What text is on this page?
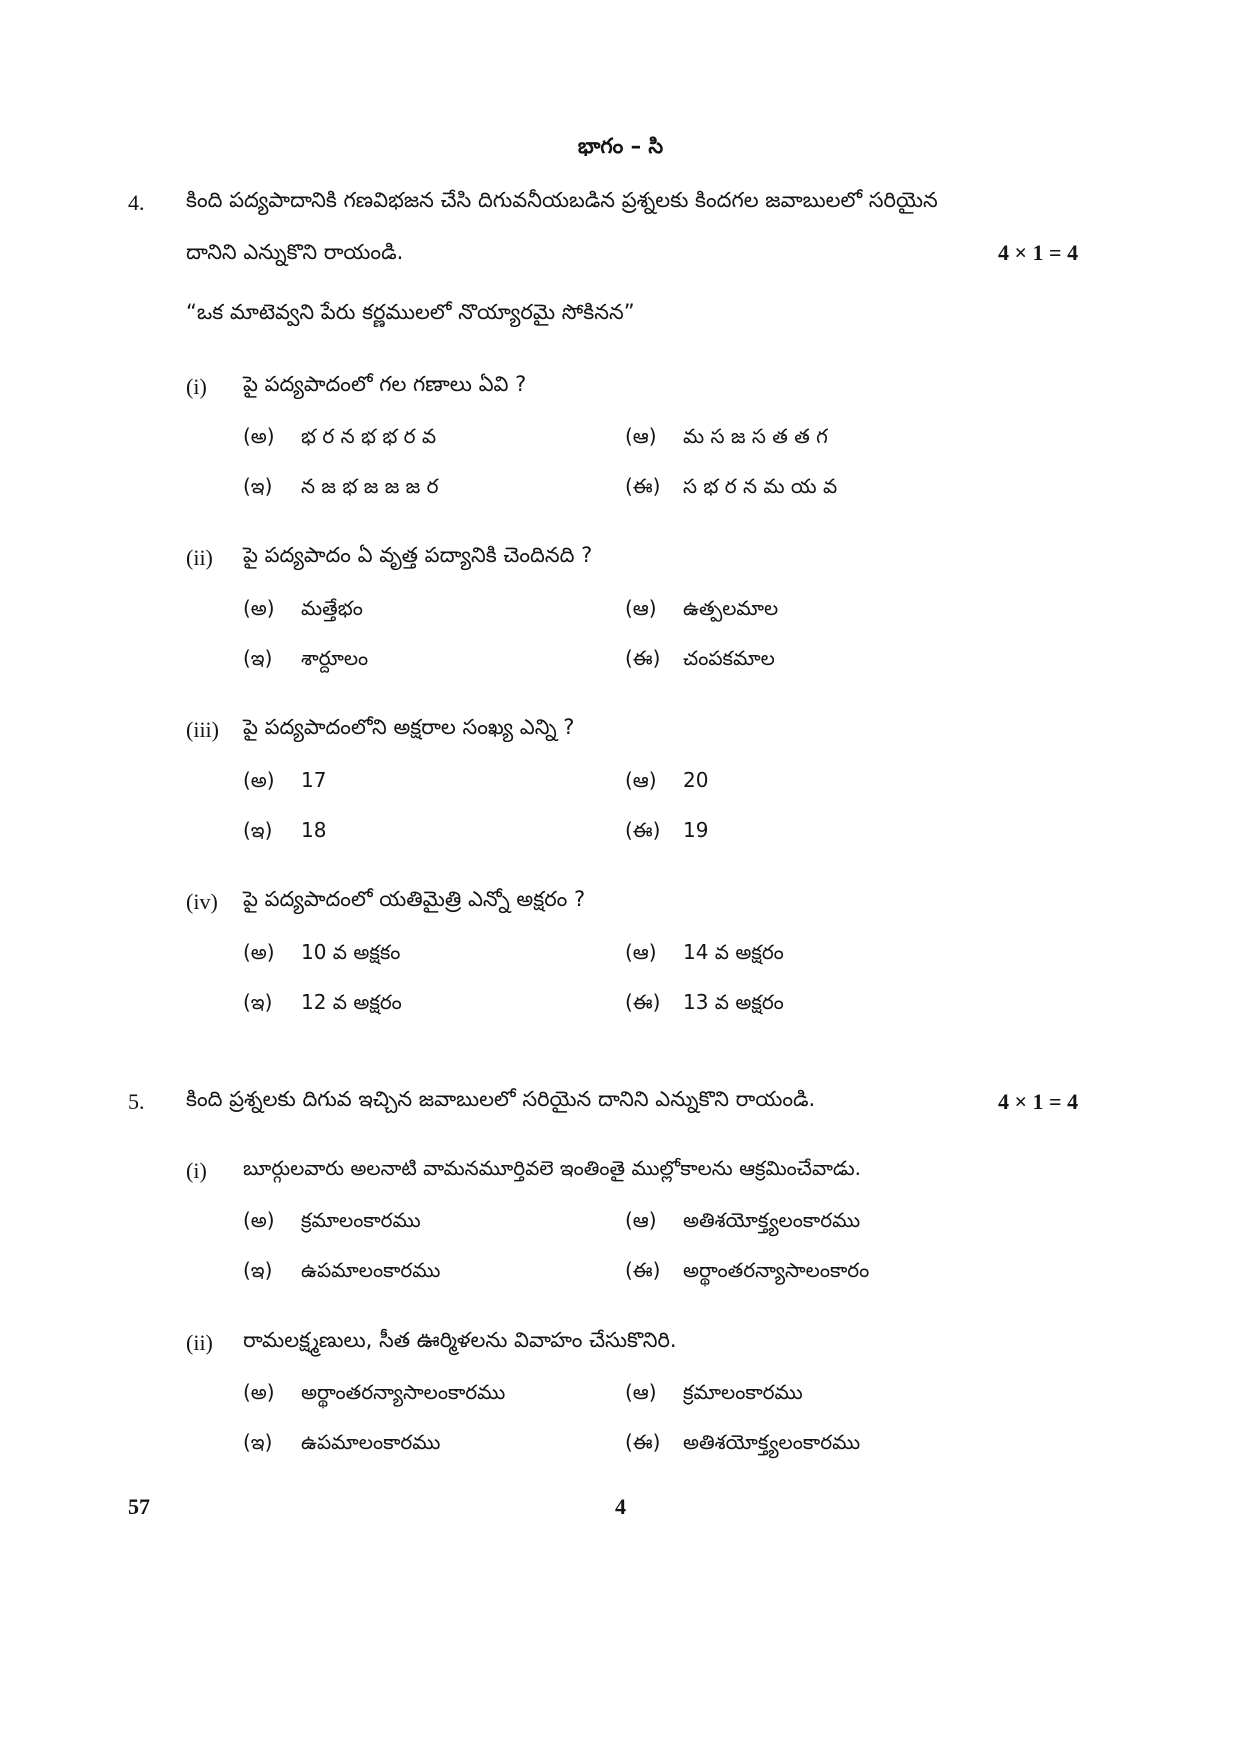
భాగం – సి
4. కింది పద్యపాదానికి గణవిభజన చేసి దిగువనీయబడిన ప్రశ్నలకు కిందగల జవాబులలో సరియైన
దానిని ఎన్నుకొని రాయండి.	4 × 1 = 4
“ఒక మాటెవ్వని పేరు కర్ణములలో నొయ్యారమై సోకినన”
(i) పై పద్యపాదంలో గల గణాలు ఏవి ?
(అ)	భ ర న భ భ ర వ	(ఆ)	మ స జ స త త గ
(ఇ)	న జ భ జ జ జ ర	(ఈ)	స భ ర న మ య వ
(ii) పై పద్యపాదం ఏ వృత్త పద్యానికి చెందినది ?
(అ)	మత్తేభం	(ఆ)	ఉత్పలమాల
(ఇ)	శార్దూలం	(ఈ)	చంపకమాల
(iii) పై పద్యపాదంలోని అక్షరాల సంఖ్య ఎన్ని ?
(అ)	17	(ఆ)	20
(ఇ)	18	(ఈ)	19
(iv) పై పద్యపాదంలో యతిమైత్రి ఎన్నో అక్షరం ?
(అ)	10 వ అక్షకం	(ఆ)	14 వ అక్షరం
(ఇ)	12 వ అక్షరం	(ఈ)	13 వ అక్షరం
5. కింది ప్రశ్నలకు దిగువ ఇచ్చిన జవాబులలో సరియైన దానిని ఎన్నుకొని రాయండి.	4 × 1 = 4
(i) బూర్గులవారు అలనాటి వామనమూర్తివలె ఇంతింతై ముల్లోకాలను ఆక్రమించేవాడు.
(అ)	క్రమాలంకారము	(ఆ)	అతిశయోక్త్యలంకారము
(ఇ)	ఉపమాలంకారము	(ఈ)	అర్థాంతరన్యాసాలంకారం
(ii) రామలక్ష్మణులు, సీత ఊర్మిళలను వివాహం చేసుకొనిరి.
(అ)	అర్థాంతరన్యాసాలంకారము	(ఆ)	క్రమాలంకారము
(ఇ)	ఉపమాలంకారము	(ఈ)	అతిశయోక్త్యలంకారము
57	4
